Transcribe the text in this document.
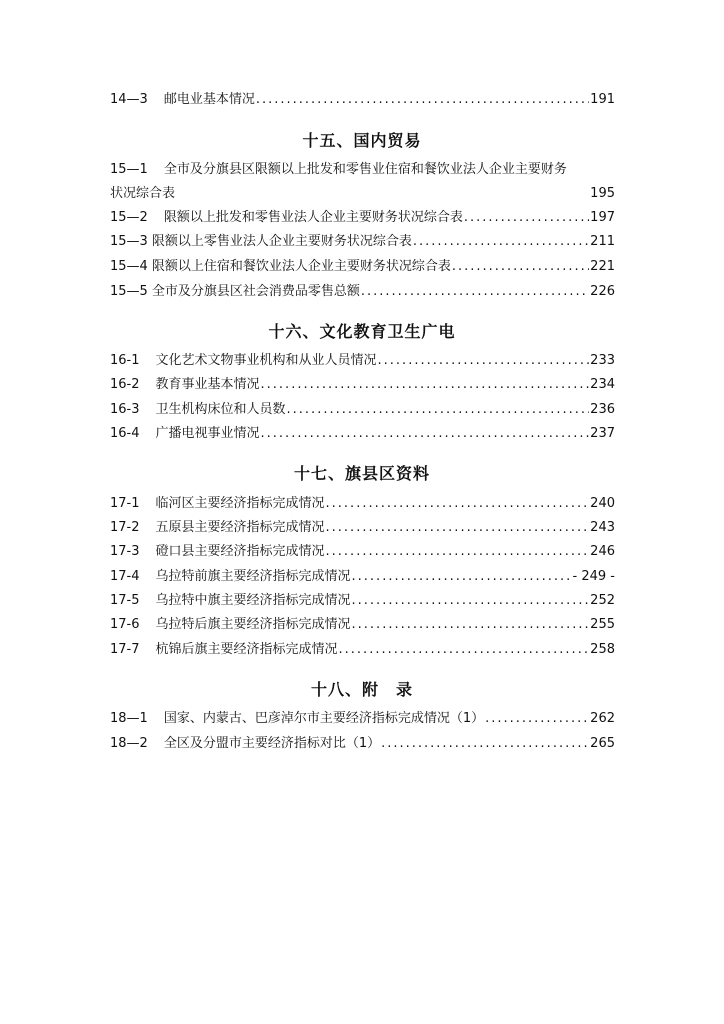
14—3 邮电业基本情况 .....	191
十五、国内贸易
15—1 全市及分旗县区限额以上批发和零售业住宿和餐饮业法人企业主要财务
状况综合表	195
15—2 限额以上批发和零售业法人企业主要财务状况综合表 .....	197
15—3 限额以上零售业法人企业主要财务状况综合表 .....	211
15—4 限额以上住宿和餐饮业法人企业主要财务状况综合表 .....	221
15—5 全市及分旗县区社会消费品零售总额 .....	226
十六、文化教育卫生广电
16-1 文化艺术文物事业机构和从业人员情况 .....	233
16-2 教育事业基本情况 .....	234
16-3 卫生机构床位和人员数 .....	236
16-4 广播电视事业情况 .....	237
十七、旗县区资料
17-1 临河区主要经济指标完成情况 .....	240
17-2 五原县主要经济指标完成情况 .....	243
17-3 磴口县主要经济指标完成情况 .....	246
17-4 乌拉特前旗主要经济指标完成情况 .....	- 249 -
17-5 乌拉特中旗主要经济指标完成情况 .....	252
17-6 乌拉特后旗主要经济指标完成情况 .....	255
17-7 杭锦后旗主要经济指标完成情况 .....	258
十八、附　录
18—1 国家、内蒙古、巴彦淖尔市主要经济指标完成情况（1） .....	262
18—2 全区及分盟市主要经济指标对比（1） .....	265
